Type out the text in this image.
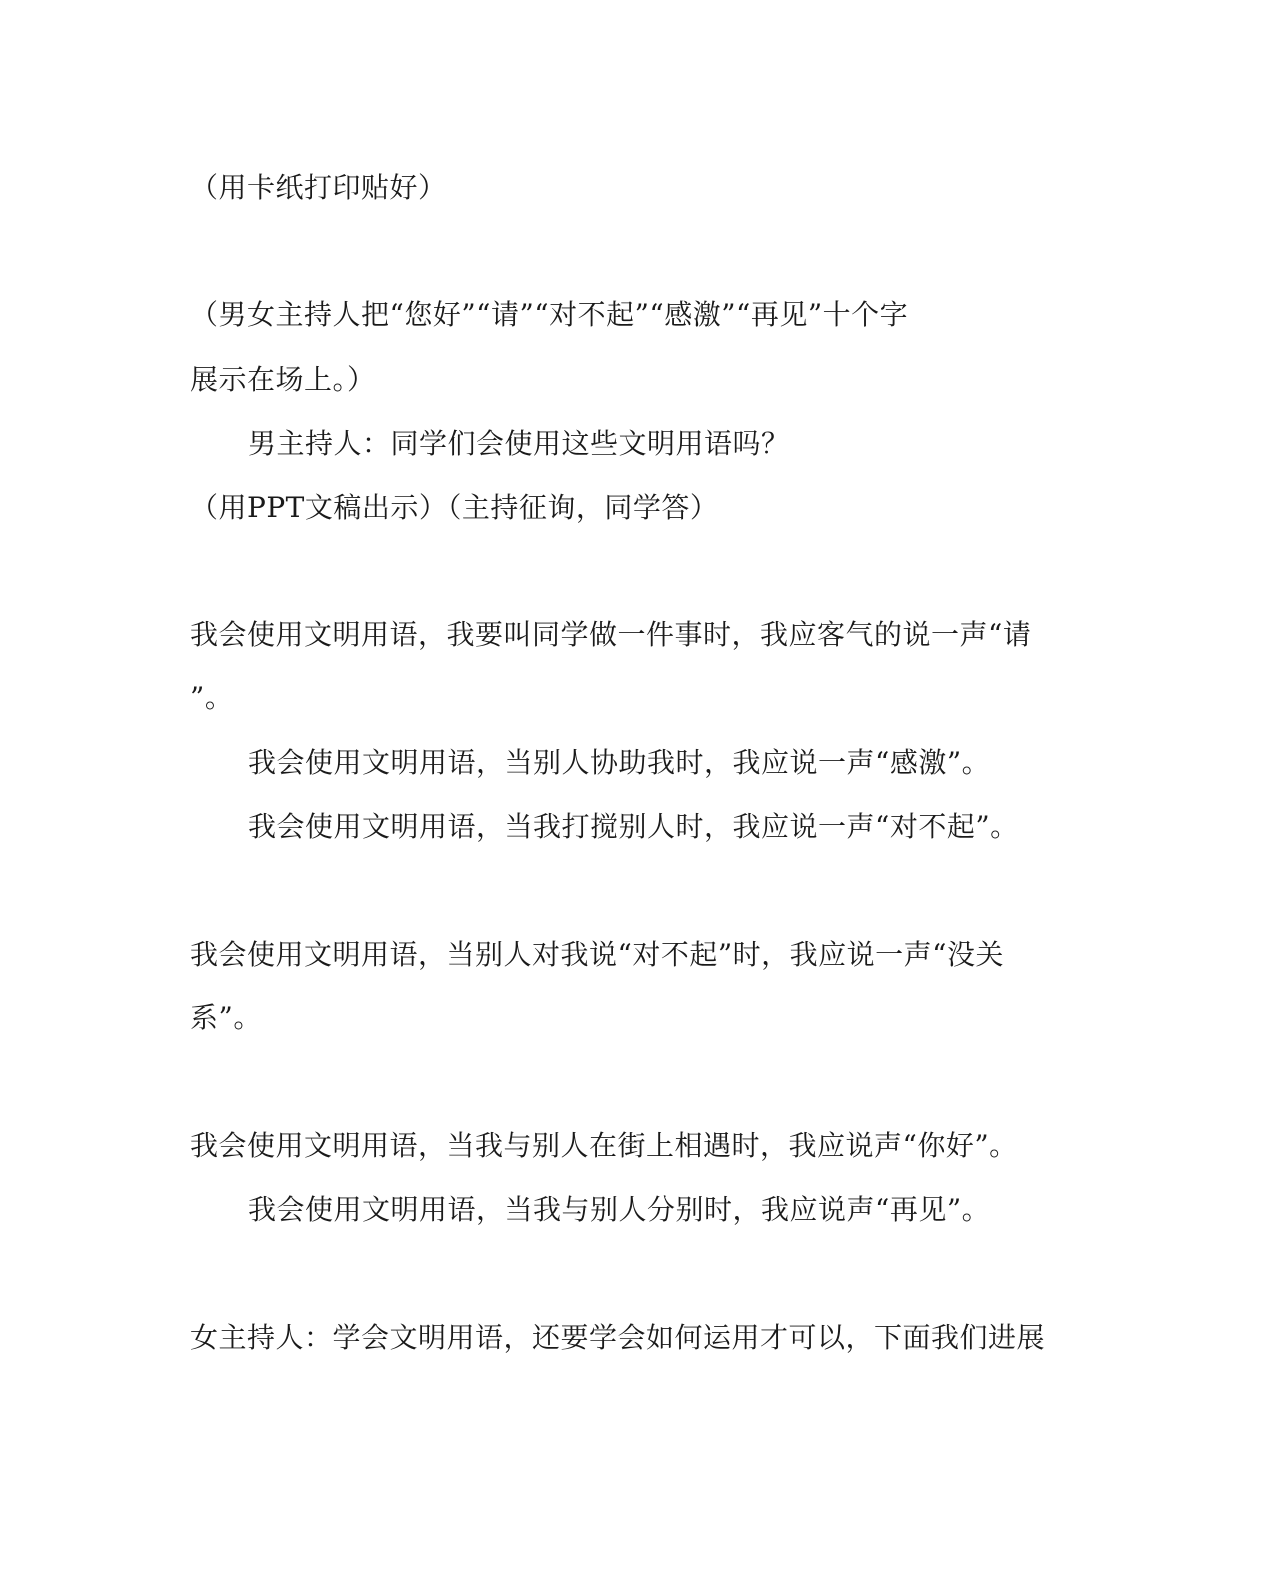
（用卡纸打印贴好）
（男女主持人把“您好”“请”“对不起”“感激”“再见”十个字
展示在场上。）
男主持人：同学们会使用这些文明用语吗？
（用PPT文稿出示）（主持征询，同学答）
我会使用文明用语，我要叫同学做一件事时，我应客气的说一声“请
”。
我会使用文明用语，当别人协助我时，我应说一声“感激”。
我会使用文明用语，当我打搅别人时，我应说一声“对不起”。
我会使用文明用语，当别人对我说“对不起”时，我应说一声“没关
系”。
我会使用文明用语，当我与别人在街上相遇时，我应说声“你好”。
我会使用文明用语，当我与别人分别时，我应说声“再见”。
女主持人：学会文明用语，还要学会如何运用才可以，下面我们进展
